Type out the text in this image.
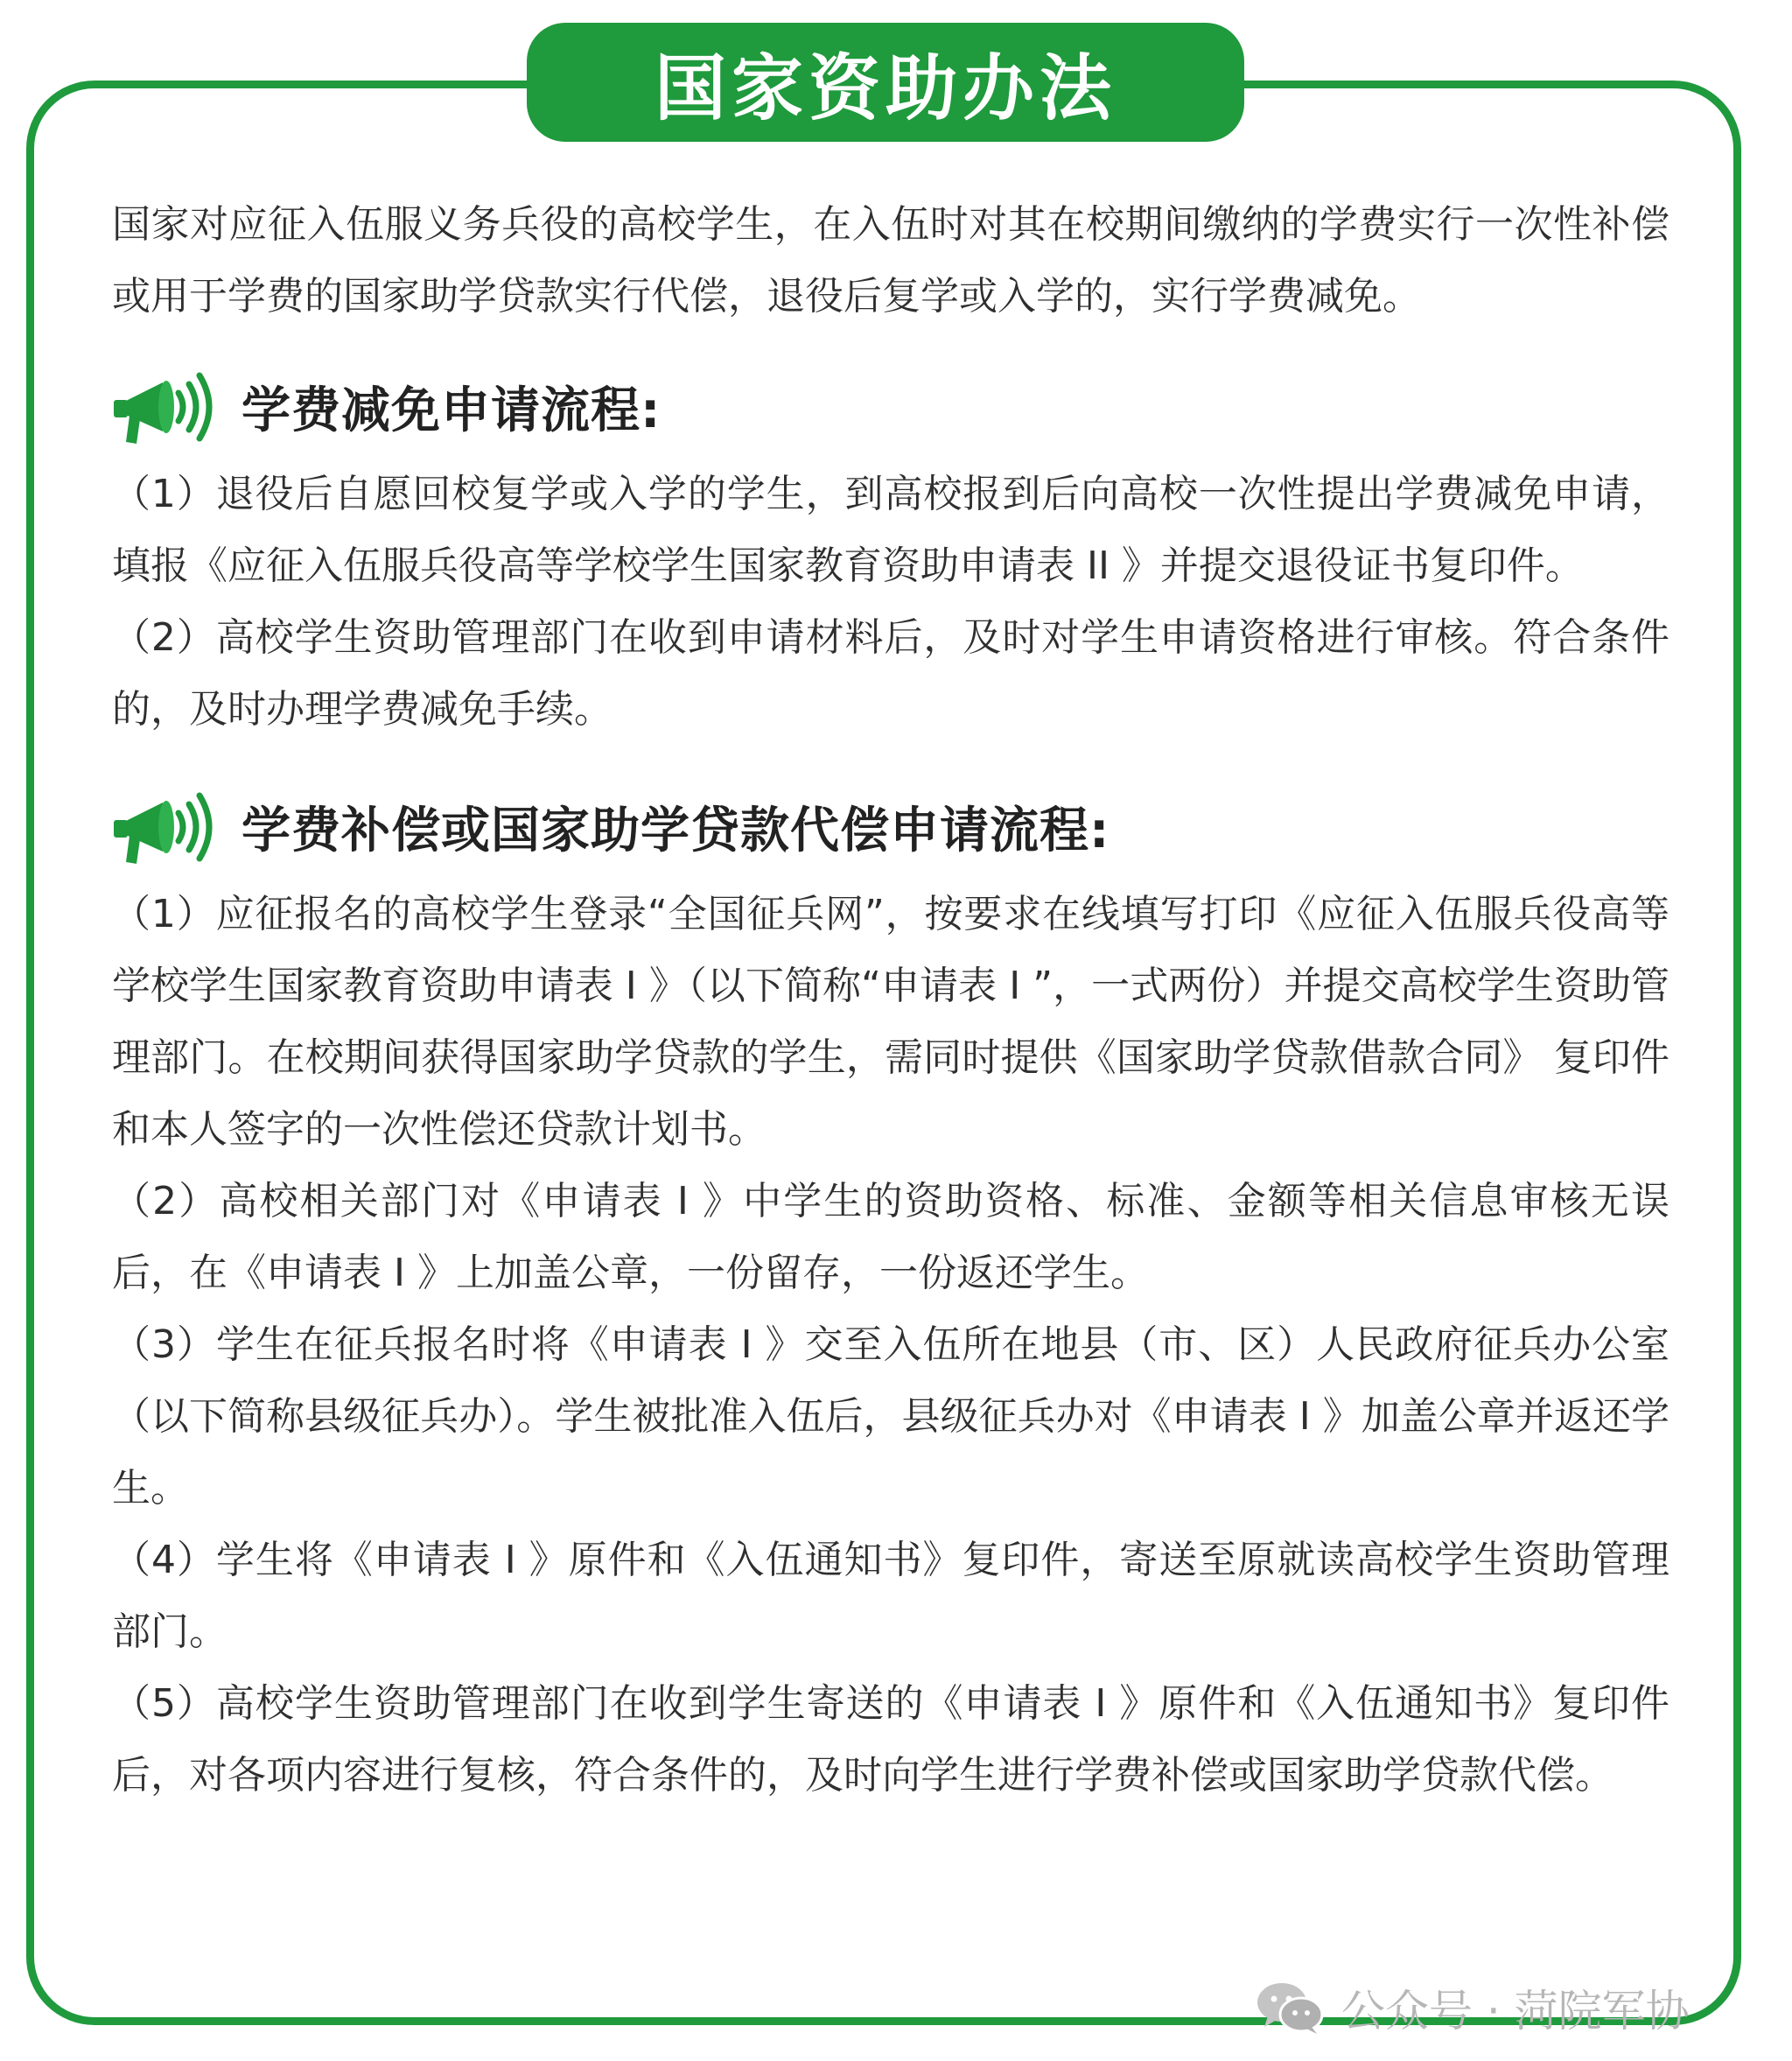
国家资助办法

国家对应征入伍服义务兵役的高校学生，在入伍时对其在校期间缴纳的学费实行一次性补偿或用于学费的国家助学贷款实行代偿，退役后复学或入学的，实行学费减免。

学费减免申请流程:

（1）退役后自愿回校复学或入学的学生，到高校报到后向高校一次性提出学费减免申请，填报《应征入伍服兵役高等学校学生国家教育资助申请表 II 》并提交退役证书复印件。

（2）高校学生资助管理部门在收到申请材料后，及时对学生申请资格进行审核。符合条件的，及时办理学费减免手续。

学费补偿或国家助学贷款代偿申请流程:

（1）应征报名的高校学生登录“全国征兵网”，按要求在线填写打印《应征入伍服兵役高等学校学生国家教育资助申请表 I 》（以下简称“申请表 I ”，一式两份）并提交高校学生资助管理部门。在校期间获得国家助学贷款的学生，需同时提供《国家助学贷款借款合同》 复印件和本人签字的一次性偿还贷款计划书。

（2）高校相关部门对《申请表 I 》中学生的资助资格、标准、金额等相关信息审核无误后，在《申请表 I 》上加盖公章，一份留存，一份返还学生。

（3）学生在征兵报名时将《申请表 I 》交至入伍所在地县（市、区）人民政府征兵办公室（以下简称县级征兵办）。学生被批准入伍后，县级征兵办对《申请表 I 》加盖公章并返还学生。

（4）学生将《申请表 I 》原件和《入伍通知书》复印件，寄送至原就读高校学生资助管理部门。

（5）高校学生资助管理部门在收到学生寄送的《申请表 I 》原件和《入伍通知书》复印件后，对各项内容进行复核，符合条件的，及时向学生进行学费补偿或国家助学贷款代偿。

公众号 · 菏院军协
